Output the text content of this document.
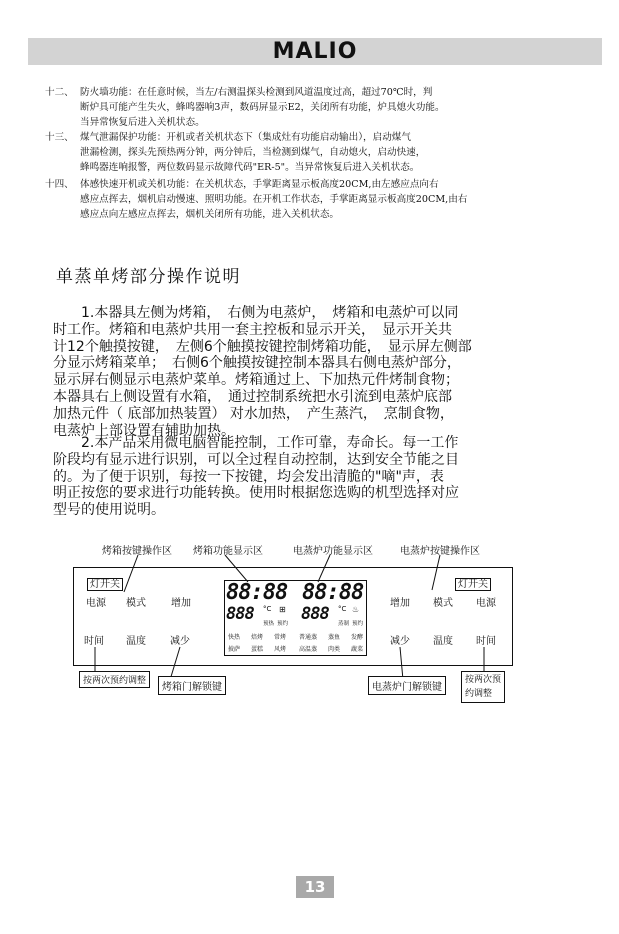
MALIO
十二、 防火墙功能：在任意时候，当左/右测温探头检测到风道温度过高，超过70℃时，判
断炉具可能产生失火，蜂鸣器响3声，数码屏显示E2，关闭所有功能，炉具熄火功能。
当异常恢复后进入关机状态。
十三、 煤气泄漏保护功能：开机或者关机状态下（集成灶有功能启动输出），启动煤气
泄漏检测，探头先预热两分钟，两分钟后，当检测到煤气，自动熄火，启动快速，
蜂鸣器连响报警，两位数码显示故障代码"ER-5"。当异常恢复后进入关机状态。
十四、 体感快速开机或关机功能：在关机状态，手掌距离显示板高度20CM,由左感应点向右
感应点挥去，烟机启动慢速、照明功能。在开机工作状态，手掌距离显示板高度20CM,由右
感应点向左感应点挥去，烟机关闭所有功能，进入关机状态。
单蒸单烤部分操作说明
　　1.本器具左侧为烤箱，　右侧为电蒸炉，　烤箱和电蒸炉可以同
时工作。烤箱和电蒸炉共用一套主控板和显示开关，　显示开关共
计12个触摸按键，　左侧6个触摸按键控制烤箱功能，　显示屏左侧部
分显示烤箱菜单；　右侧6个触摸按键控制本器具右侧电蒸炉部分，
显示屏右侧显示电蒸炉菜单。烤箱通过上、下加热元件烤制食物；
本器具右上侧设置有水箱，　通过控制系统把水引流到电蒸炉底部
加热元件（ 底部加热装置） 对水加热，　产生蒸汽，　烹制食物，
电蒸炉上部设置有辅助加热。
　　2.本产品采用微电脑智能控制，工作可靠，寿命长。每一工作
阶段均有显示进行识别，可以全过程自动控制，达到安全节能之目
的。为了便于识别，每按一下按键，均会发出清脆的"嘀"声，表
明正按您的要求进行功能转换。使用时根据您选购的机型选择对应
型号的使用说明。
烤箱按键操作区 烤箱功能显示区	电蒸炉功能显示区	电蒸炉按键操作区
灯开关
电源 模式	增加
时间 温度 减少
88:88 88:88
888	888
°C	°C
预热 预约	蒸制 预约
⊞	♨
快热 焙烤 常烤 普通蒸 蒸鱼 发酵
披萨 蛋糕 风烤 高温蒸 肉类 蔬菜
灯开关
增加 模式 电源
减少 温度 时间
按两次预约调整
烤箱门解锁键	电蒸炉门解锁键
按两次预
约调整
13
